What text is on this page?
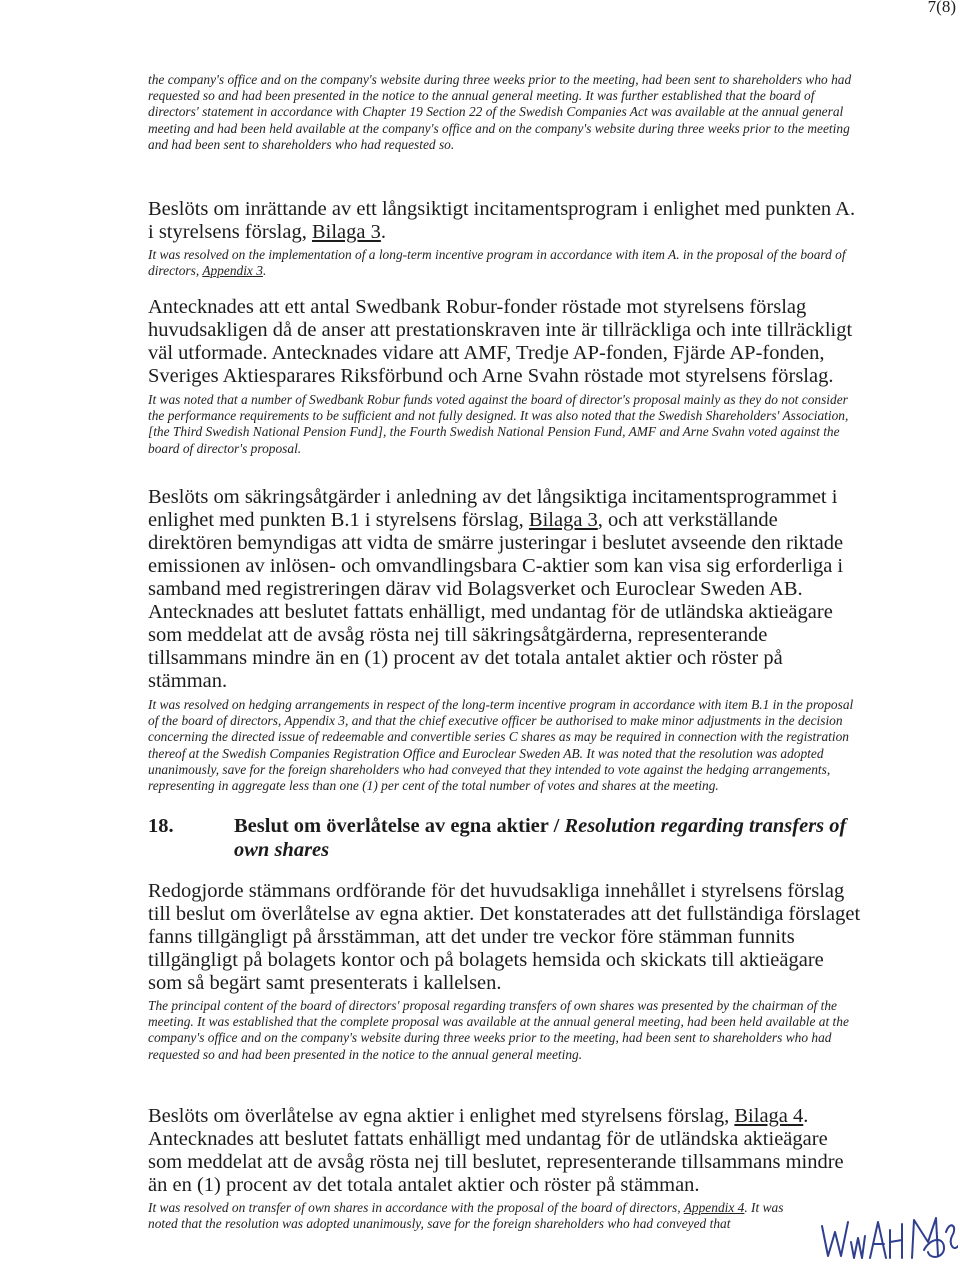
7(8)
the company's office and on the company's website during three weeks prior to the meeting, had been sent to shareholders who had requested so and had been presented in the notice to the annual general meeting. It was further established that the board of directors' statement in accordance with Chapter 19 Section 22 of the Swedish Companies Act was available at the annual general meeting and had been held available at the company's office and on the company's website during three weeks prior to the meeting and had been sent to shareholders who had requested so.
Beslöts om inrättande av ett långsiktigt incitamentsprogram i enlighet med punkten A. i styrelsens förslag, Bilaga 3.
It was resolved on the implementation of a long-term incentive program in accordance with item A. in the proposal of the board of directors, Appendix 3.
Antecknades att ett antal Swedbank Robur-fonder röstade mot styrelsens förslag huvudsakligen då de anser att prestationskraven inte är tillräckliga och inte tillräckligt väl utformade. Antecknades vidare att AMF, Tredje AP-fonden, Fjärde AP-fonden, Sveriges Aktiesparares Riksförbund och Arne Svahn röstade mot styrelsens förslag.
It was noted that a number of Swedbank Robur funds voted against the board of director's proposal mainly as they do not consider the performance requirements to be sufficient and not fully designed. It was also noted that the Swedish Shareholders' Association, [the Third Swedish National Pension Fund], the Fourth Swedish National Pension Fund, AMF and Arne Svahn voted against the board of director's proposal.
Beslöts om säkringsåtgärder i anledning av det långsiktiga incitamentsprogrammet i enlighet med punkten B.1 i styrelsens förslag, Bilaga 3, och att verkställande direktören bemyndigas att vidta de smärre justeringar i beslutet avseende den riktade emissionen av inlösen- och omvandlingsbara C-aktier som kan visa sig erforderliga i samband med registreringen därav vid Bolagsverket och Euroclear Sweden AB. Antecknades att beslutet fattats enhälligt, med undantag för de utländska aktieägare som meddelat att de avsåg rösta nej till säkringsåtgärderna, representerande tillsammans mindre än en (1) procent av det totala antalet aktier och röster på stämman.
It was resolved on hedging arrangements in respect of the long-term incentive program in accordance with item B.1 in the proposal of the board of directors, Appendix 3, and that the chief executive officer be authorised to make minor adjustments in the decision concerning the directed issue of redeemable and convertible series C shares as may be required in connection with the registration thereof at the Swedish Companies Registration Office and Euroclear Sweden AB. It was noted that the resolution was adopted unanimously, save for the foreign shareholders who had conveyed that they intended to vote against the hedging arrangements, representing in aggregate less than one (1) per cent of the total number of votes and shares at the meeting.
18.	Beslut om överlåtelse av egna aktier / Resolution regarding transfers of own shares
Redogjorde stämmans ordförande för det huvudsakliga innehållet i styrelsens förslag till beslut om överlåtelse av egna aktier. Det konstaterades att det fullständiga förslaget fanns tillgängligt på årsstämman, att det under tre veckor före stämman funnits tillgängligt på bolagets kontor och på bolagets hemsida och skickats till aktieägare som så begärt samt presenterats i kallelsen.
The principal content of the board of directors' proposal regarding transfers of own shares was presented by the chairman of the meeting. It was established that the complete proposal was available at the annual general meeting, had been held available at the company's office and on the company's website during three weeks prior to the meeting, had been sent to shareholders who had requested so and had been presented in the notice to the annual general meeting.
Beslöts om överlåtelse av egna aktier i enlighet med styrelsens förslag, Bilaga 4. Antecknades att beslutet fattats enhälligt med undantag för de utländska aktieägare som meddelat att de avsåg rösta nej till beslutet, representerande tillsammans mindre än en (1) procent av det totala antalet aktier och röster på stämman.
It was resolved on transfer of own shares in accordance with the proposal of the board of directors, Appendix 4. It was noted that the resolution was adopted unanimously, save for the foreign shareholders who had conveyed that
